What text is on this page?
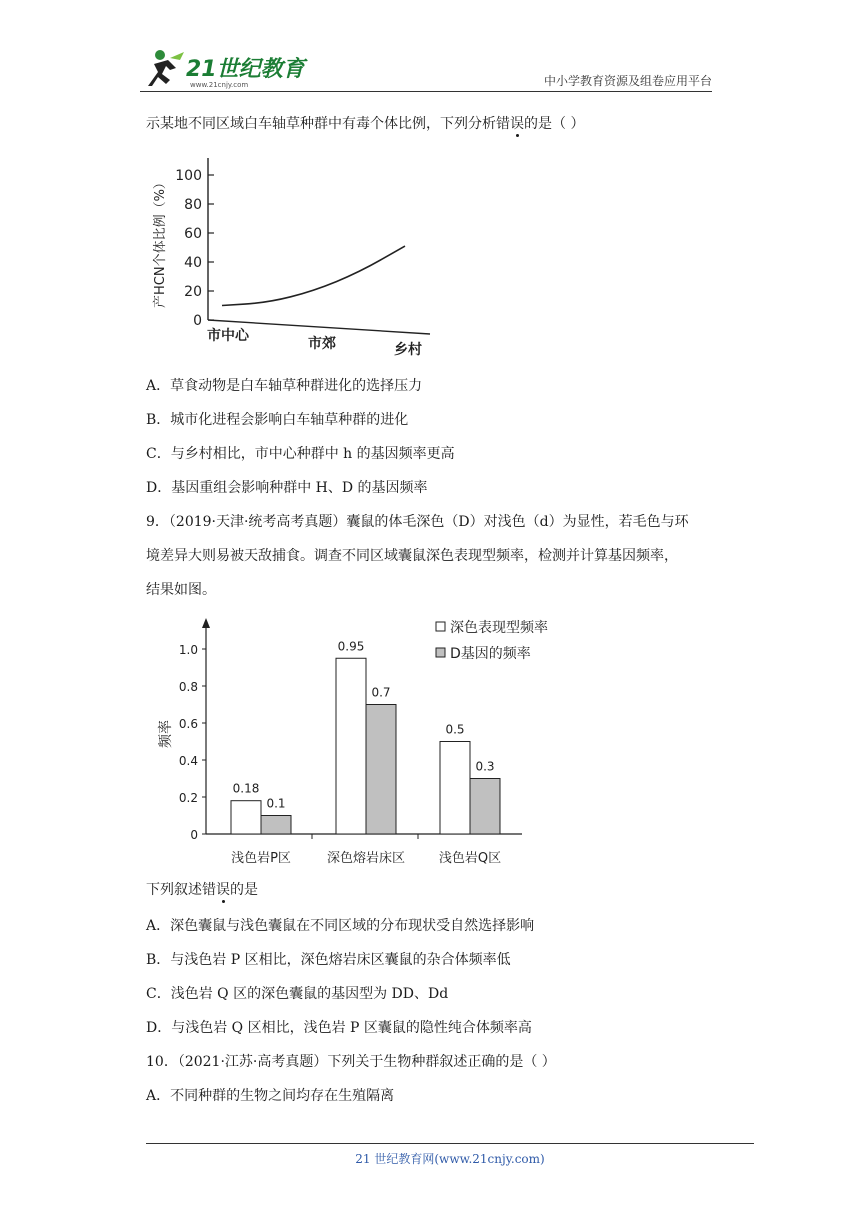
21世纪教育
www.21cnjy.com	中小学教育资源及组卷应用平台
示某地不同区域白车轴草种群中有毒个体比例，下列分析错误的是（ ）
产HCN个体比例（%）
0
20
40
60
80
100
市中心	市郊	乡村
A．草食动物是白车轴草种群进化的选择压力
B．城市化进程会影响白车轴草种群的进化
C．与乡村相比，市中心种群中 h 的基因频率更高
D．基因重组会影响种群中 H、D 的基因频率
9．（2019·天津·统考高考真题）囊鼠的体毛深色（D）对浅色（d）为显性，若毛色与环
境差异大则易被天敌捕食。调查不同区域囊鼠深色表现型频率，检测并计算基因频率，
结果如图。
频率
0
0.2
0.4
0.6
0.8
1.0
0.18
0.95
0.5
0.1
0.7
0.3
浅色岩P区	深色熔岩床区	浅色岩Q区
深色表现型频率
D基因的频率
下列叙述错误的是
A．深色囊鼠与浅色囊鼠在不同区域的分布现状受自然选择影响
B．与浅色岩 P 区相比，深色熔岩床区囊鼠的杂合体频率低
C．浅色岩 Q 区的深色囊鼠的基因型为 DD、Dd
D．与浅色岩 Q 区相比，浅色岩 P 区囊鼠的隐性纯合体频率高
10．（2021·江苏·高考真题）下列关于生物种群叙述正确的是（ ）
A．不同种群的生物之间均存在生殖隔离
21 世纪教育网(www.21cnjy.com)
